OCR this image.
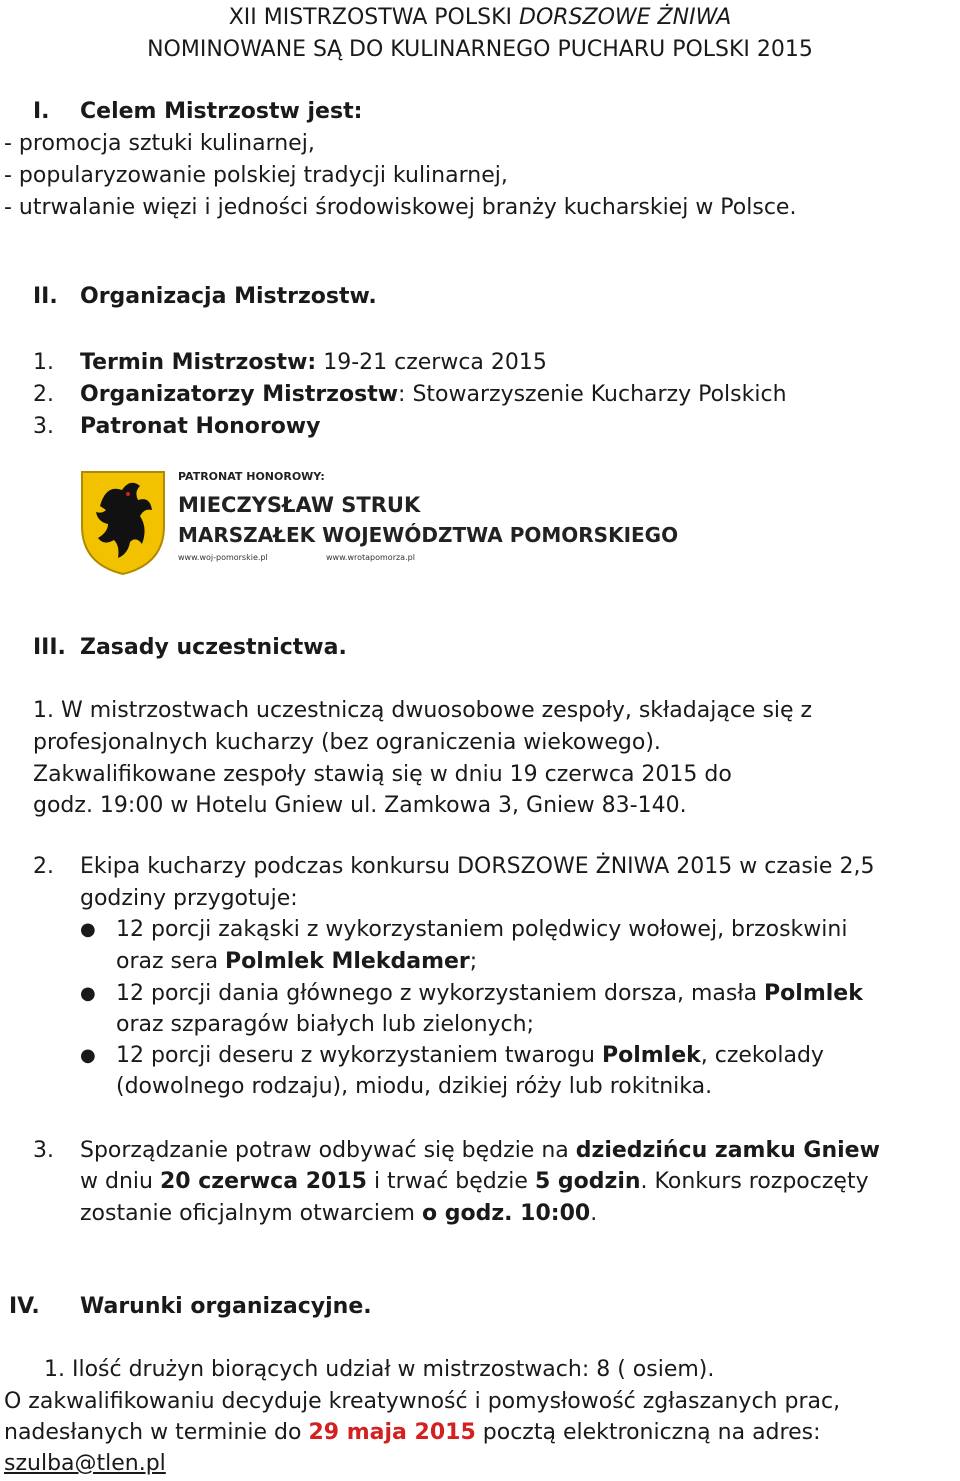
XII MISTRZOSTWA POLSKI DORSZOWE ŻNIWA
NOMINOWANE SĄ DO KULINARNEGO PUCHARU POLSKI 2015
I. Celem Mistrzostw jest:
- promocja sztuki kulinarnej,
- popularyzowanie polskiej tradycji kulinarnej,
- utrwalanie więzi i jedności środowiskowej branży kucharskiej w Polsce.
II. Organizacja Mistrzostw.
1. Termin Mistrzostw: 19-21 czerwca 2015
2. Organizatorzy Mistrzostw: Stowarzyszenie Kucharzy Polskich
3. Patronat Honorowy
PATRONAT HONOROWY:
MIECZYSŁAW STRUK
MARSZAŁEK WOJEWÓDZTWA POMORSKIEGO
www.woj-pomorskie.pl	www.wrotapomorza.pl
III. Zasady uczestnictwa.
1. W mistrzostwach uczestniczą dwuosobowe zespoły, składające się z
profesjonalnych kucharzy (bez ograniczenia wiekowego).
Zakwalifikowane zespoły stawią się w dniu 19 czerwca 2015 do
godz. 19:00 w Hotelu Gniew ul. Zamkowa 3, Gniew 83-140.
2. Ekipa kucharzy podczas konkursu DORSZOWE ŻNIWA 2015 w czasie 2,5
godziny przygotuje:
● 12 porcji zakąski z wykorzystaniem polędwicy wołowej, brzoskwini
oraz sera Polmlek Mlekdamer;
● 12 porcji dania głównego z wykorzystaniem dorsza, masła Polmlek
oraz szparagów białych lub zielonych;
● 12 porcji deseru z wykorzystaniem twarogu Polmlek, czekolady
(dowolnego rodzaju), miodu, dzikiej róży lub rokitnika.
3. Sporządzanie potraw odbywać się będzie na dziedzińcu zamku Gniew
w dniu 20 czerwca 2015 i trwać będzie 5 godzin. Konkurs rozpoczęty
zostanie oficjalnym otwarciem o godz. 10:00.
IV. Warunki organizacyjne.
1. Ilość drużyn biorących udział w mistrzostwach: 8 ( osiem).
O zakwalifikowaniu decyduje kreatywność i pomysłowość zgłaszanych prac,
nadesłanych w terminie do 29 maja 2015 pocztą elektroniczną na adres:
szulba@tlen.pl
